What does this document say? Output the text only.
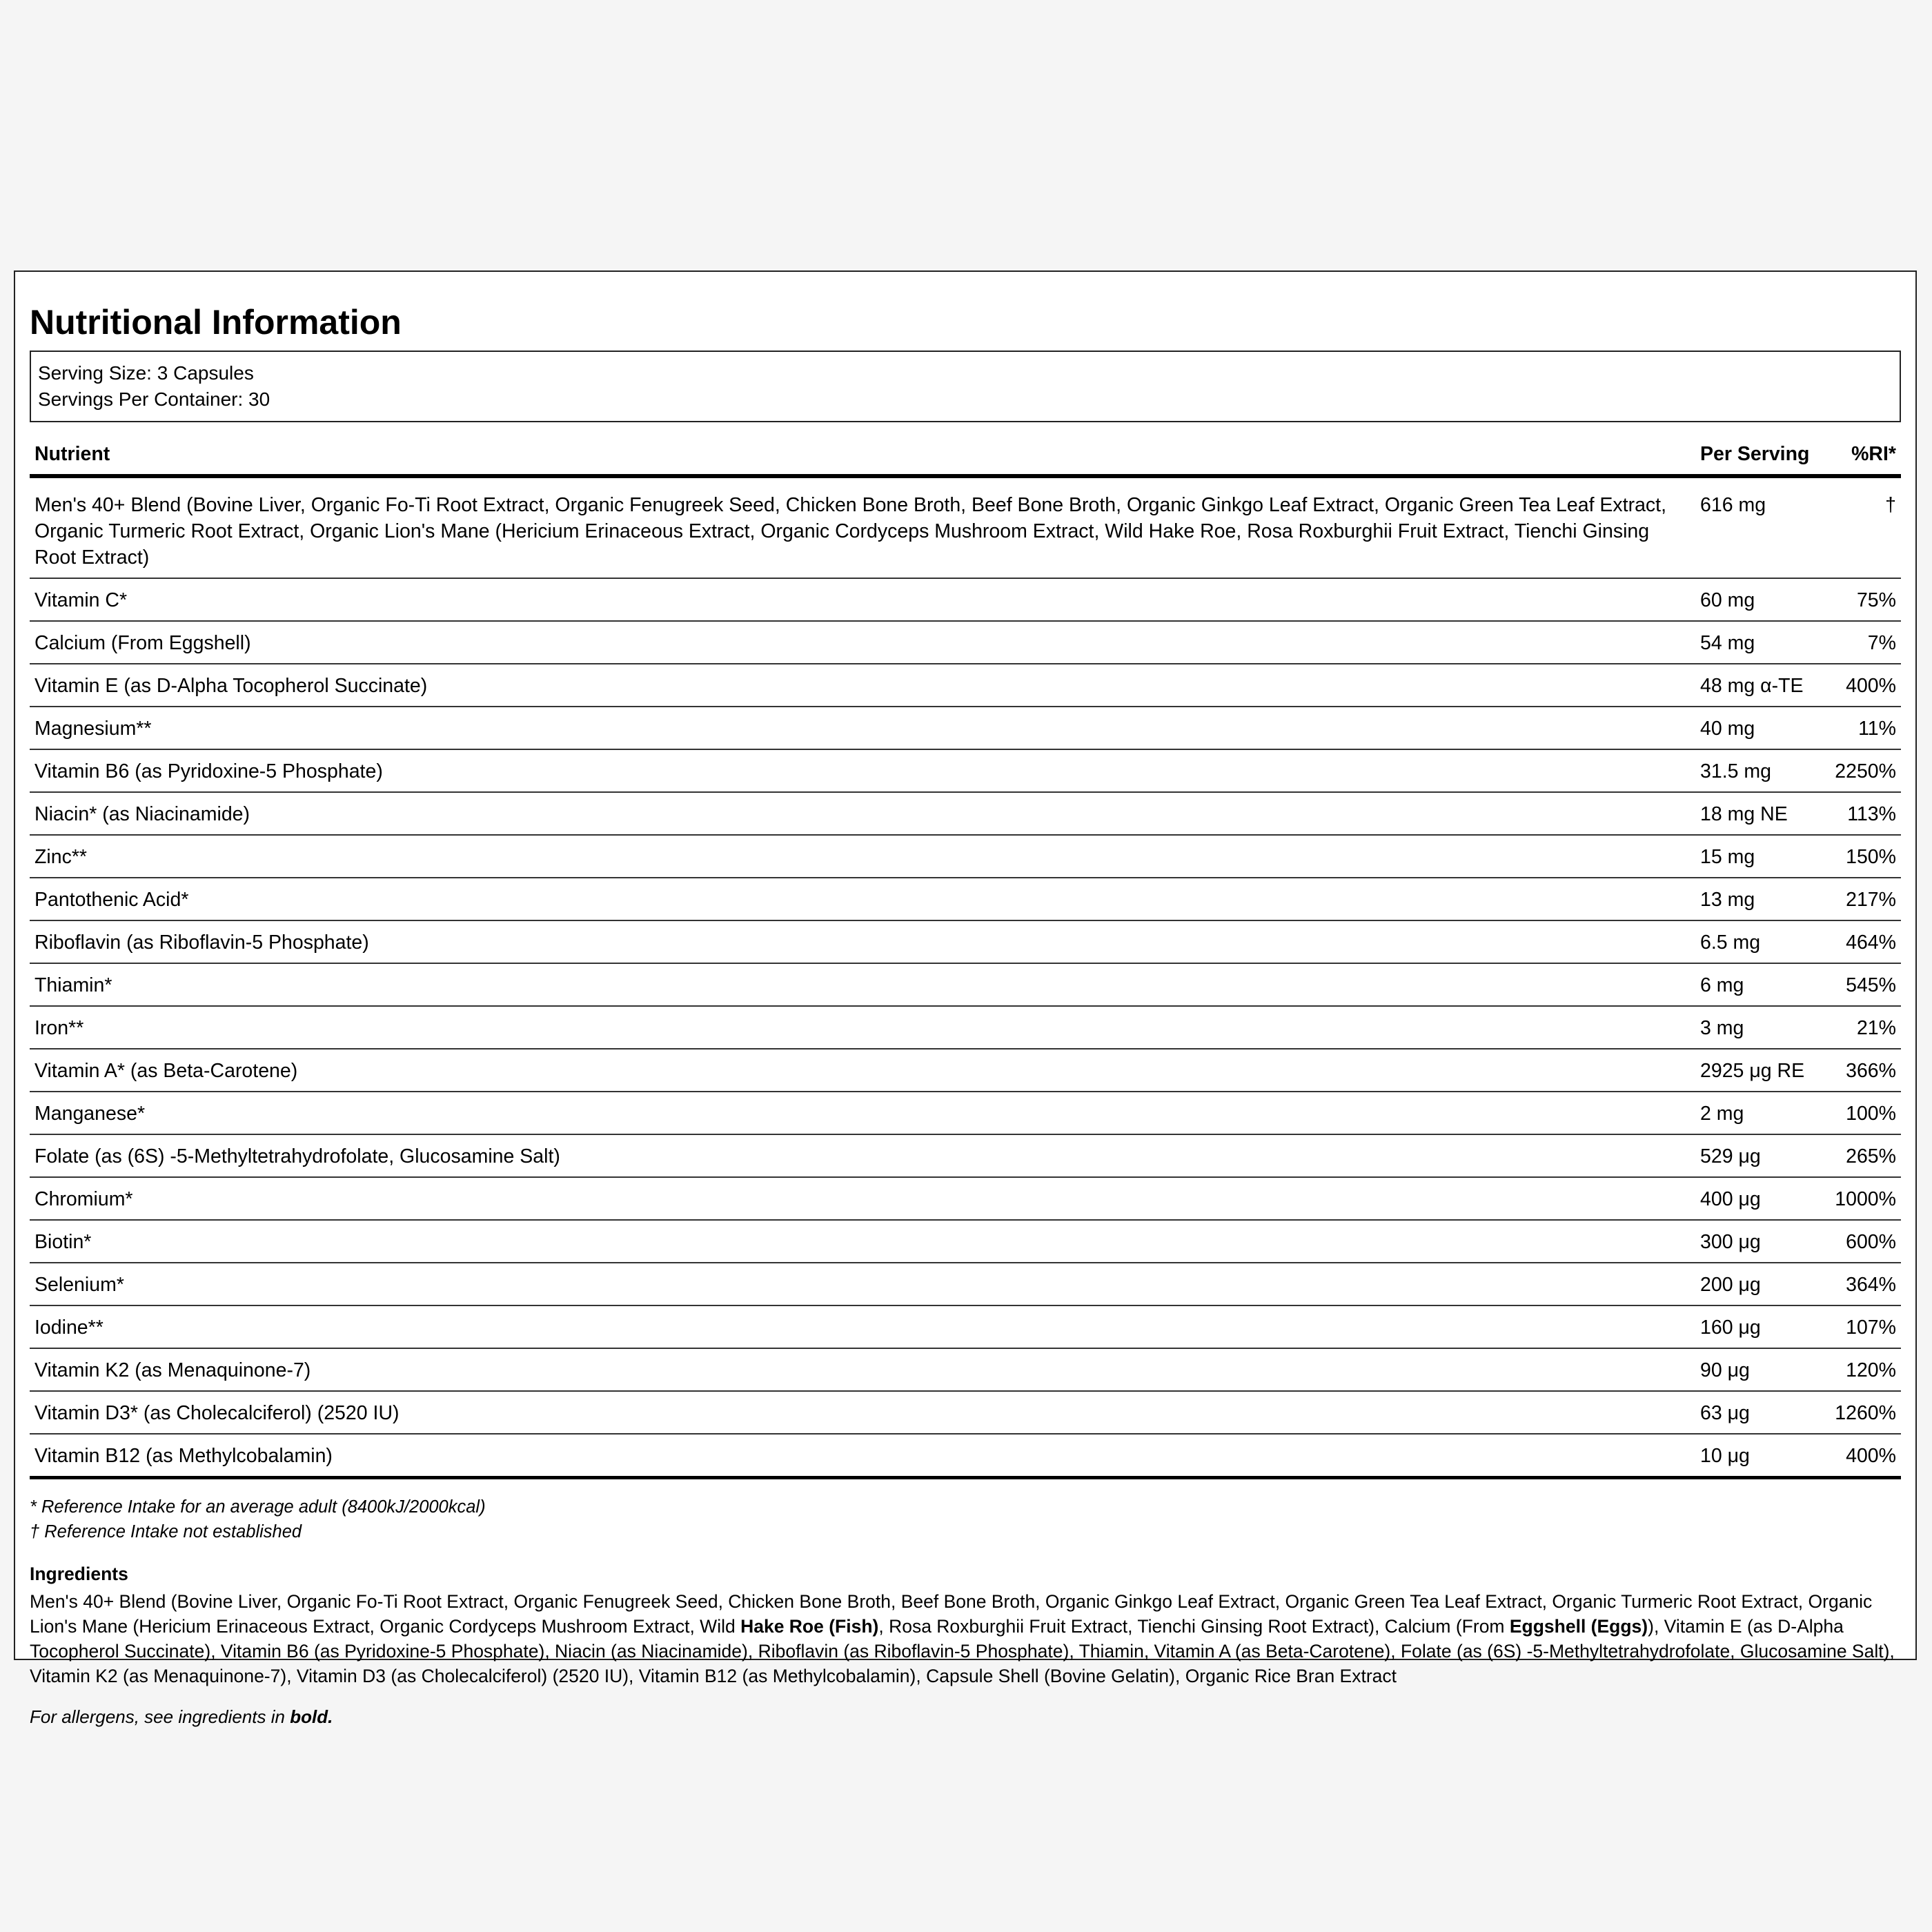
Nutritional Information
Serving Size: 3 Capsules
Servings Per Container: 30
Nutrient	Per Serving	%RI*
Men's 40+ Blend (Bovine Liver, Organic Fo-Ti Root Extract, Organic Fenugreek Seed, Chicken Bone Broth, Beef Bone Broth, Organic Ginkgo Leaf Extract, Organic Green Tea Leaf Extract, Organic Turmeric Root Extract, Organic Lion's Mane (Hericium Erinaceous Extract, Organic Cordyceps Mushroom Extract, Wild Hake Roe, Rosa Roxburghii Fruit Extract, Tienchi Ginsing Root Extract)	616 mg	†
Vitamin C*	60 mg	75%
Calcium (From Eggshell)	54 mg	7%
Vitamin E (as D-Alpha Tocopherol Succinate)	48 mg α-TE	400%
Magnesium**	40 mg	11%
Vitamin B6 (as Pyridoxine-5 Phosphate)	31.5 mg	2250%
Niacin* (as Niacinamide)	18 mg NE	113%
Zinc**	15 mg	150%
Pantothenic Acid*	13 mg	217%
Riboflavin (as Riboflavin-5 Phosphate)	6.5 mg	464%
Thiamin*	6 mg	545%
Iron**	3 mg	21%
Vitamin A* (as Beta-Carotene)	2925 μg RE	366%
Manganese*	2 mg	100%
Folate (as (6S) -5-Methyltetrahydrofolate, Glucosamine Salt)	529 μg	265%
Chromium*	400 μg	1000%
Biotin*	300 μg	600%
Selenium*	200 μg	364%
Iodine**	160 μg	107%
Vitamin K2 (as Menaquinone-7)	90 μg	120%
Vitamin D3* (as Cholecalciferol) (2520 IU)	63 μg	1260%
Vitamin B12 (as Methylcobalamin)	10 μg	400%
* Reference Intake for an average adult (8400kJ/2000kcal)
† Reference Intake not established
Ingredients
Men's 40+ Blend (Bovine Liver, Organic Fo-Ti Root Extract, Organic Fenugreek Seed, Chicken Bone Broth, Beef Bone Broth, Organic Ginkgo Leaf Extract, Organic Green Tea Leaf Extract, Organic Turmeric Root Extract, Organic Lion's Mane (Hericium Erinaceous Extract, Organic Cordyceps Mushroom Extract, Wild Hake Roe (Fish), Rosa Roxburghii Fruit Extract, Tienchi Ginsing Root Extract), Calcium (From Eggshell (Eggs)), Vitamin E (as D-Alpha Tocopherol Succinate), Vitamin B6 (as Pyridoxine-5 Phosphate), Niacin (as Niacinamide), Riboflavin (as Riboflavin-5 Phosphate), Thiamin, Vitamin A (as Beta-Carotene), Folate (as (6S) -5-Methyltetrahydrofolate, Glucosamine Salt), Vitamin K2 (as Menaquinone-7), Vitamin D3 (as Cholecalciferol) (2520 IU), Vitamin B12 (as Methylcobalamin), Capsule Shell (Bovine Gelatin), Organic Rice Bran Extract
For allergens, see ingredients in bold.
